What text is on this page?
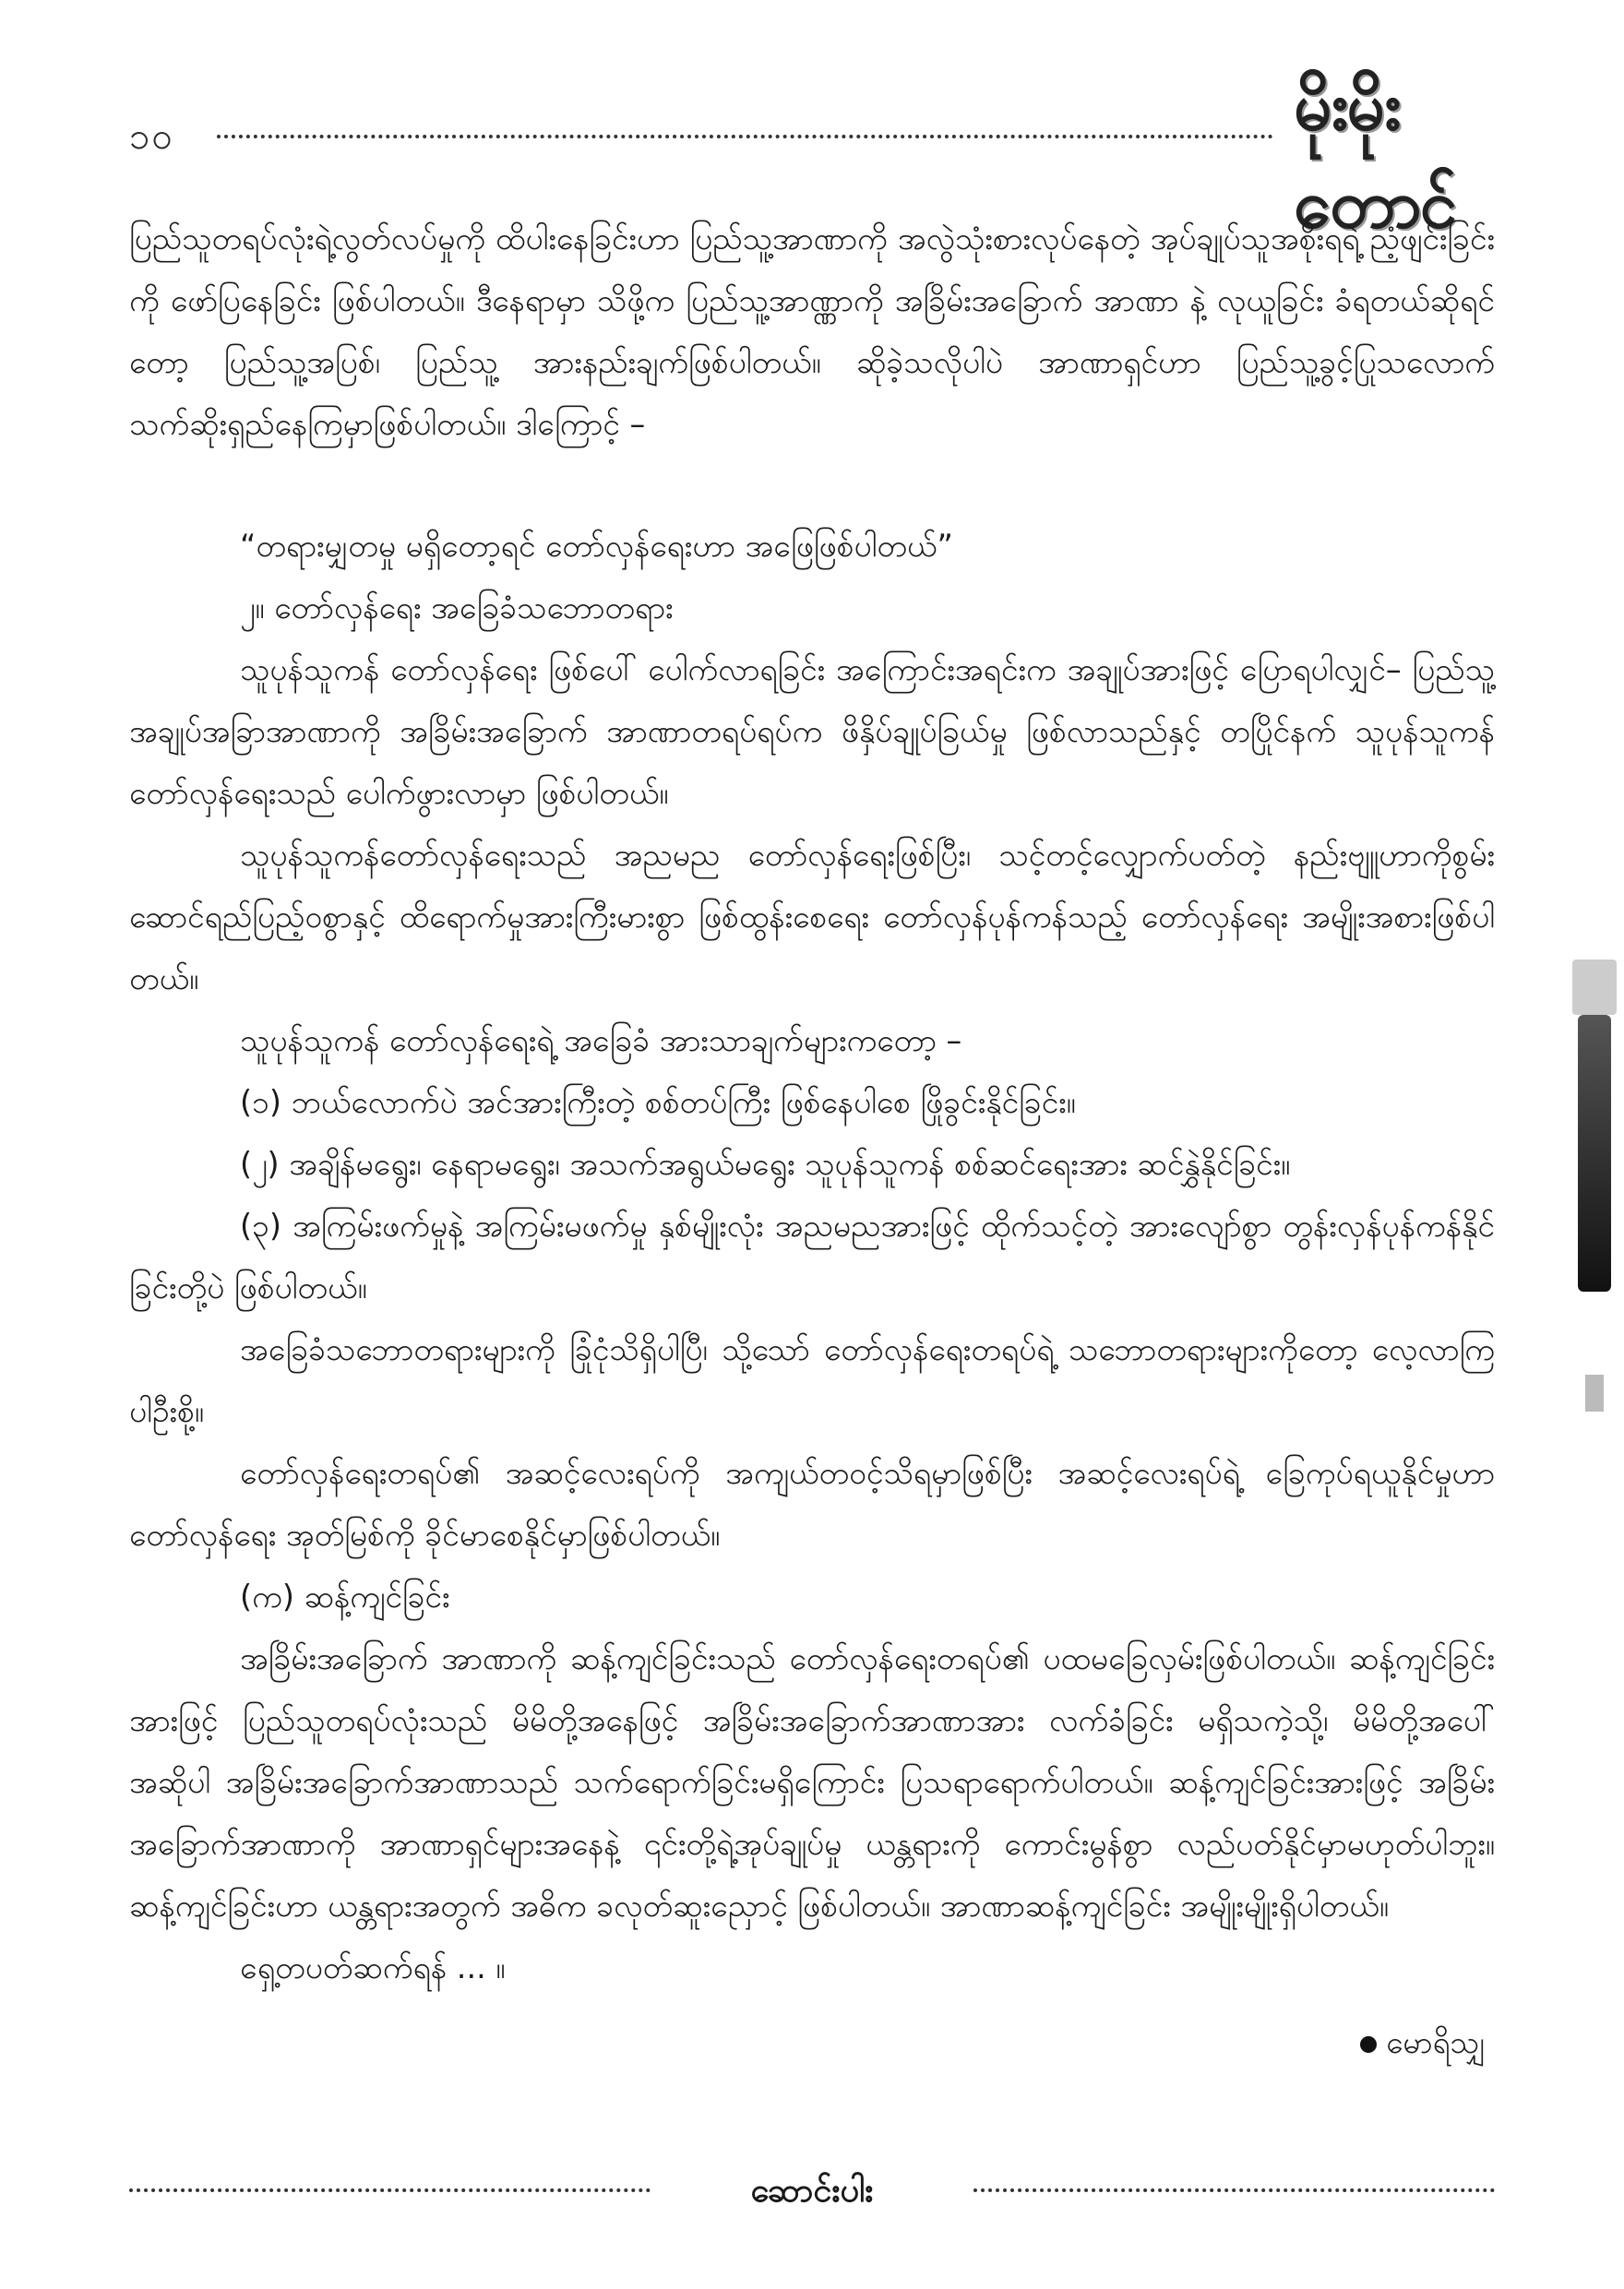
၁၀	မိုးမိုးတောင်

ပြည်သူတရပ်လုံးရဲ့လွတ်လပ်မှုကို ထိပါးနေခြင်းဟာ ပြည်သူ့အာဏာကို အလွဲသုံးစားလုပ်နေတဲ့ အုပ်ချုပ်သူအစိုးရရဲ့ ညံ့ဖျင်းခြင်းကို ဖော်ပြနေခြင်း ဖြစ်ပါတယ်။ ဒီနေရာမှာ သိဖို့က ပြည်သူ့အာဏ္ဏာကို အခြိမ်းအခြောက် အာဏာ နဲ့ လုယူခြင်း ခံရတယ်ဆိုရင်တော့ ပြည်သူ့အပြစ်၊ ပြည်သူ့ အားနည်းချက်ဖြစ်ပါတယ်။ ဆိုခဲ့သလိုပါပဲ အာဏာရှင်ဟာ ပြည်သူ့ခွင့်ပြုသလောက် သက်ဆိုးရှည်နေကြမှာဖြစ်ပါတယ်။ ဒါကြောင့် –

“တရားမျှတမှု မရှိတော့ရင် တော်လှန်ရေးဟာ အဖြေဖြစ်ပါတယ်”

၂။ တော်လှန်ရေး အခြေခံသဘောတရား

သူပုန်သူကန် တော်လှန်ရေး ဖြစ်ပေါ် ပေါက်လာရခြင်း အကြောင်းအရင်းက အချုပ်အားဖြင့် ပြောရပါလျှင်– ပြည်သူ့အချုပ်အခြာအာဏာကို အခြိမ်းအခြောက် အာဏာတရပ်ရပ်က ဖိနှိပ်ချုပ်ခြယ်မှု ဖြစ်လာသည်နှင့် တပြိုင်နက် သူပုန်သူကန် တော်လှန်ရေးသည် ပေါက်ဖွားလာမှာ ဖြစ်ပါတယ်။

သူပုန်သူကန်တော်လှန်ရေးသည် အညမည တော်လှန်ရေးဖြစ်ပြီး၊ သင့်တင့်လျှောက်ပတ်တဲ့ နည်းဗျူဟာကိုစွမ်းဆောင်ရည်ပြည့်ဝစွာနှင့် ထိရောက်မှုအားကြီးမားစွာ ဖြစ်ထွန်းစေရေး တော်လှန်ပုန်ကန်သည့် တော်လှန်ရေး အမျိုးအစားဖြစ်ပါတယ်။

သူပုန်သူကန် တော်လှန်ရေးရဲ့ အခြေခံ အားသာချက်များကတော့ –

(၁) ဘယ်လောက်ပဲ အင်အားကြီးတဲ့ စစ်တပ်ကြီး ဖြစ်နေပါစေ ဖြိုခွင်းနိုင်ခြင်း။

(၂) အချိန်မရွေး၊ နေရာမရွေး၊ အသက်အရွယ်မရွေး သူပုန်သူကန် စစ်ဆင်ရေးအား ဆင်နွှဲနိုင်ခြင်း။

(၃) အကြမ်းဖက်မှုနဲ့ အကြမ်းမဖက်မှု နှစ်မျိုးလုံး အညမညအားဖြင့် ထိုက်သင့်တဲ့ အားလျော်စွာ တွန်းလှန်ပုန်ကန်နိုင်ခြင်းတို့ပဲ ဖြစ်ပါတယ်။

အခြေခံသဘောတရားများကို ခြုံငုံသိရှိပါပြီ၊ သို့သော် တော်လှန်ရေးတရပ်ရဲ့ သဘောတရားများကိုတော့ လေ့လာကြပါဦးစို့။

တော်လှန်ရေးတရပ်၏ အဆင့်လေးရပ်ကို အကျယ်တဝင့်သိရမှာဖြစ်ပြီး အဆင့်လေးရပ်ရဲ့ ခြေကုပ်ရယူနိုင်မှုဟာ တော်လှန်ရေး အုတ်မြစ်ကို ခိုင်မာစေနိုင်မှာဖြစ်ပါတယ်။

(က) ဆန့်ကျင်ခြင်း

အခြိမ်းအခြောက် အာဏာကို ဆန့်ကျင်ခြင်းသည် တော်လှန်ရေးတရပ်၏ ပထမခြေလှမ်းဖြစ်ပါတယ်။ ဆန့်ကျင်ခြင်းအားဖြင့် ပြည်သူတရပ်လုံးသည် မိမိတို့အနေဖြင့် အခြိမ်းအခြောက်အာဏာအား လက်ခံခြင်း မရှိသကဲ့သို့၊ မိမိတို့အပေါ် အဆိုပါ အခြိမ်းအခြောက်အာဏာသည် သက်ရောက်ခြင်းမရှိကြောင်း ပြသရာရောက်ပါတယ်။ ဆန့်ကျင်ခြင်းအားဖြင့် အခြိမ်းအခြောက်အာဏာကို အာဏာရှင်များအနေနဲ့ ၎င်းတို့ရဲ့အုပ်ချုပ်မှု ယန္တရားကို ကောင်းမွန်စွာ လည်ပတ်နိုင်မှာမဟုတ်ပါဘူး။ ဆန့်ကျင်ခြင်းဟာ ယန္တရားအတွက် အဓိက ခလုတ်ဆူးညှောင့် ဖြစ်ပါတယ်။ အာဏာဆန့်ကျင်ခြင်း အမျိုးမျိုးရှိပါတယ်။

ရှေ့တပတ်ဆက်ရန် ... ။

မောရိသျှ
ဆောင်းပါး
